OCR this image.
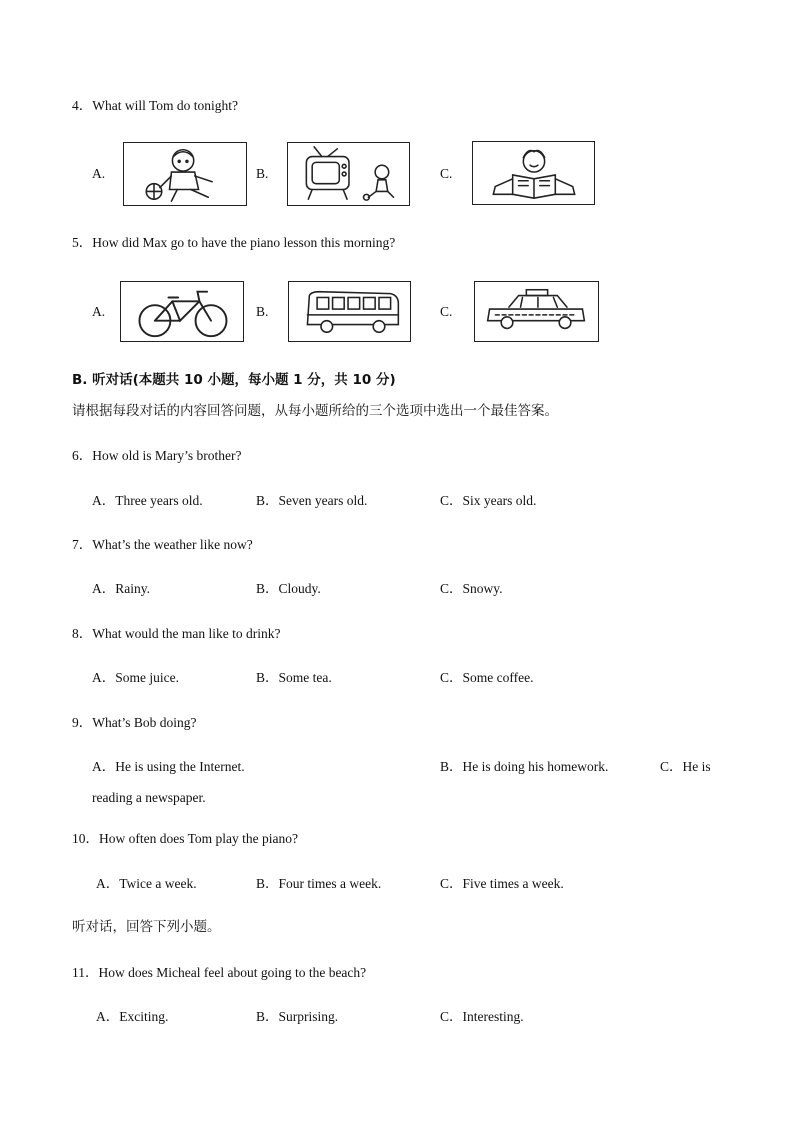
4．What will Tom do tonight?
A.	B.	C.
5．How did Max go to have the piano lesson this morning?
A.	B.	C.
B. 听对话(本题共 10 小题，每小题 1 分，共 10 分)
请根据每段对话的内容回答问题，从每小题所给的三个选项中选出一个最佳答案。
6．How old is Mary’s brother?
A．Three years old.	B．Seven years old.	C．Six years old.
7．What’s the weather like now?
A．Rainy.	B．Cloudy.	C．Snowy.
8．What would the man like to drink?
A．Some juice.	B．Some tea.	C．Some coffee.
9．What’s Bob doing?
A．He is using the Internet.	B．He is doing his homework.	C．He is
reading a newspaper.
10．How often does Tom play the piano?
A．Twice a week.	B．Four times a week.	C．Five times a week.
听对话，回答下列小题。
11．How does Micheal feel about going to the beach?
A．Exciting.	B．Surprising.	C．Interesting.
